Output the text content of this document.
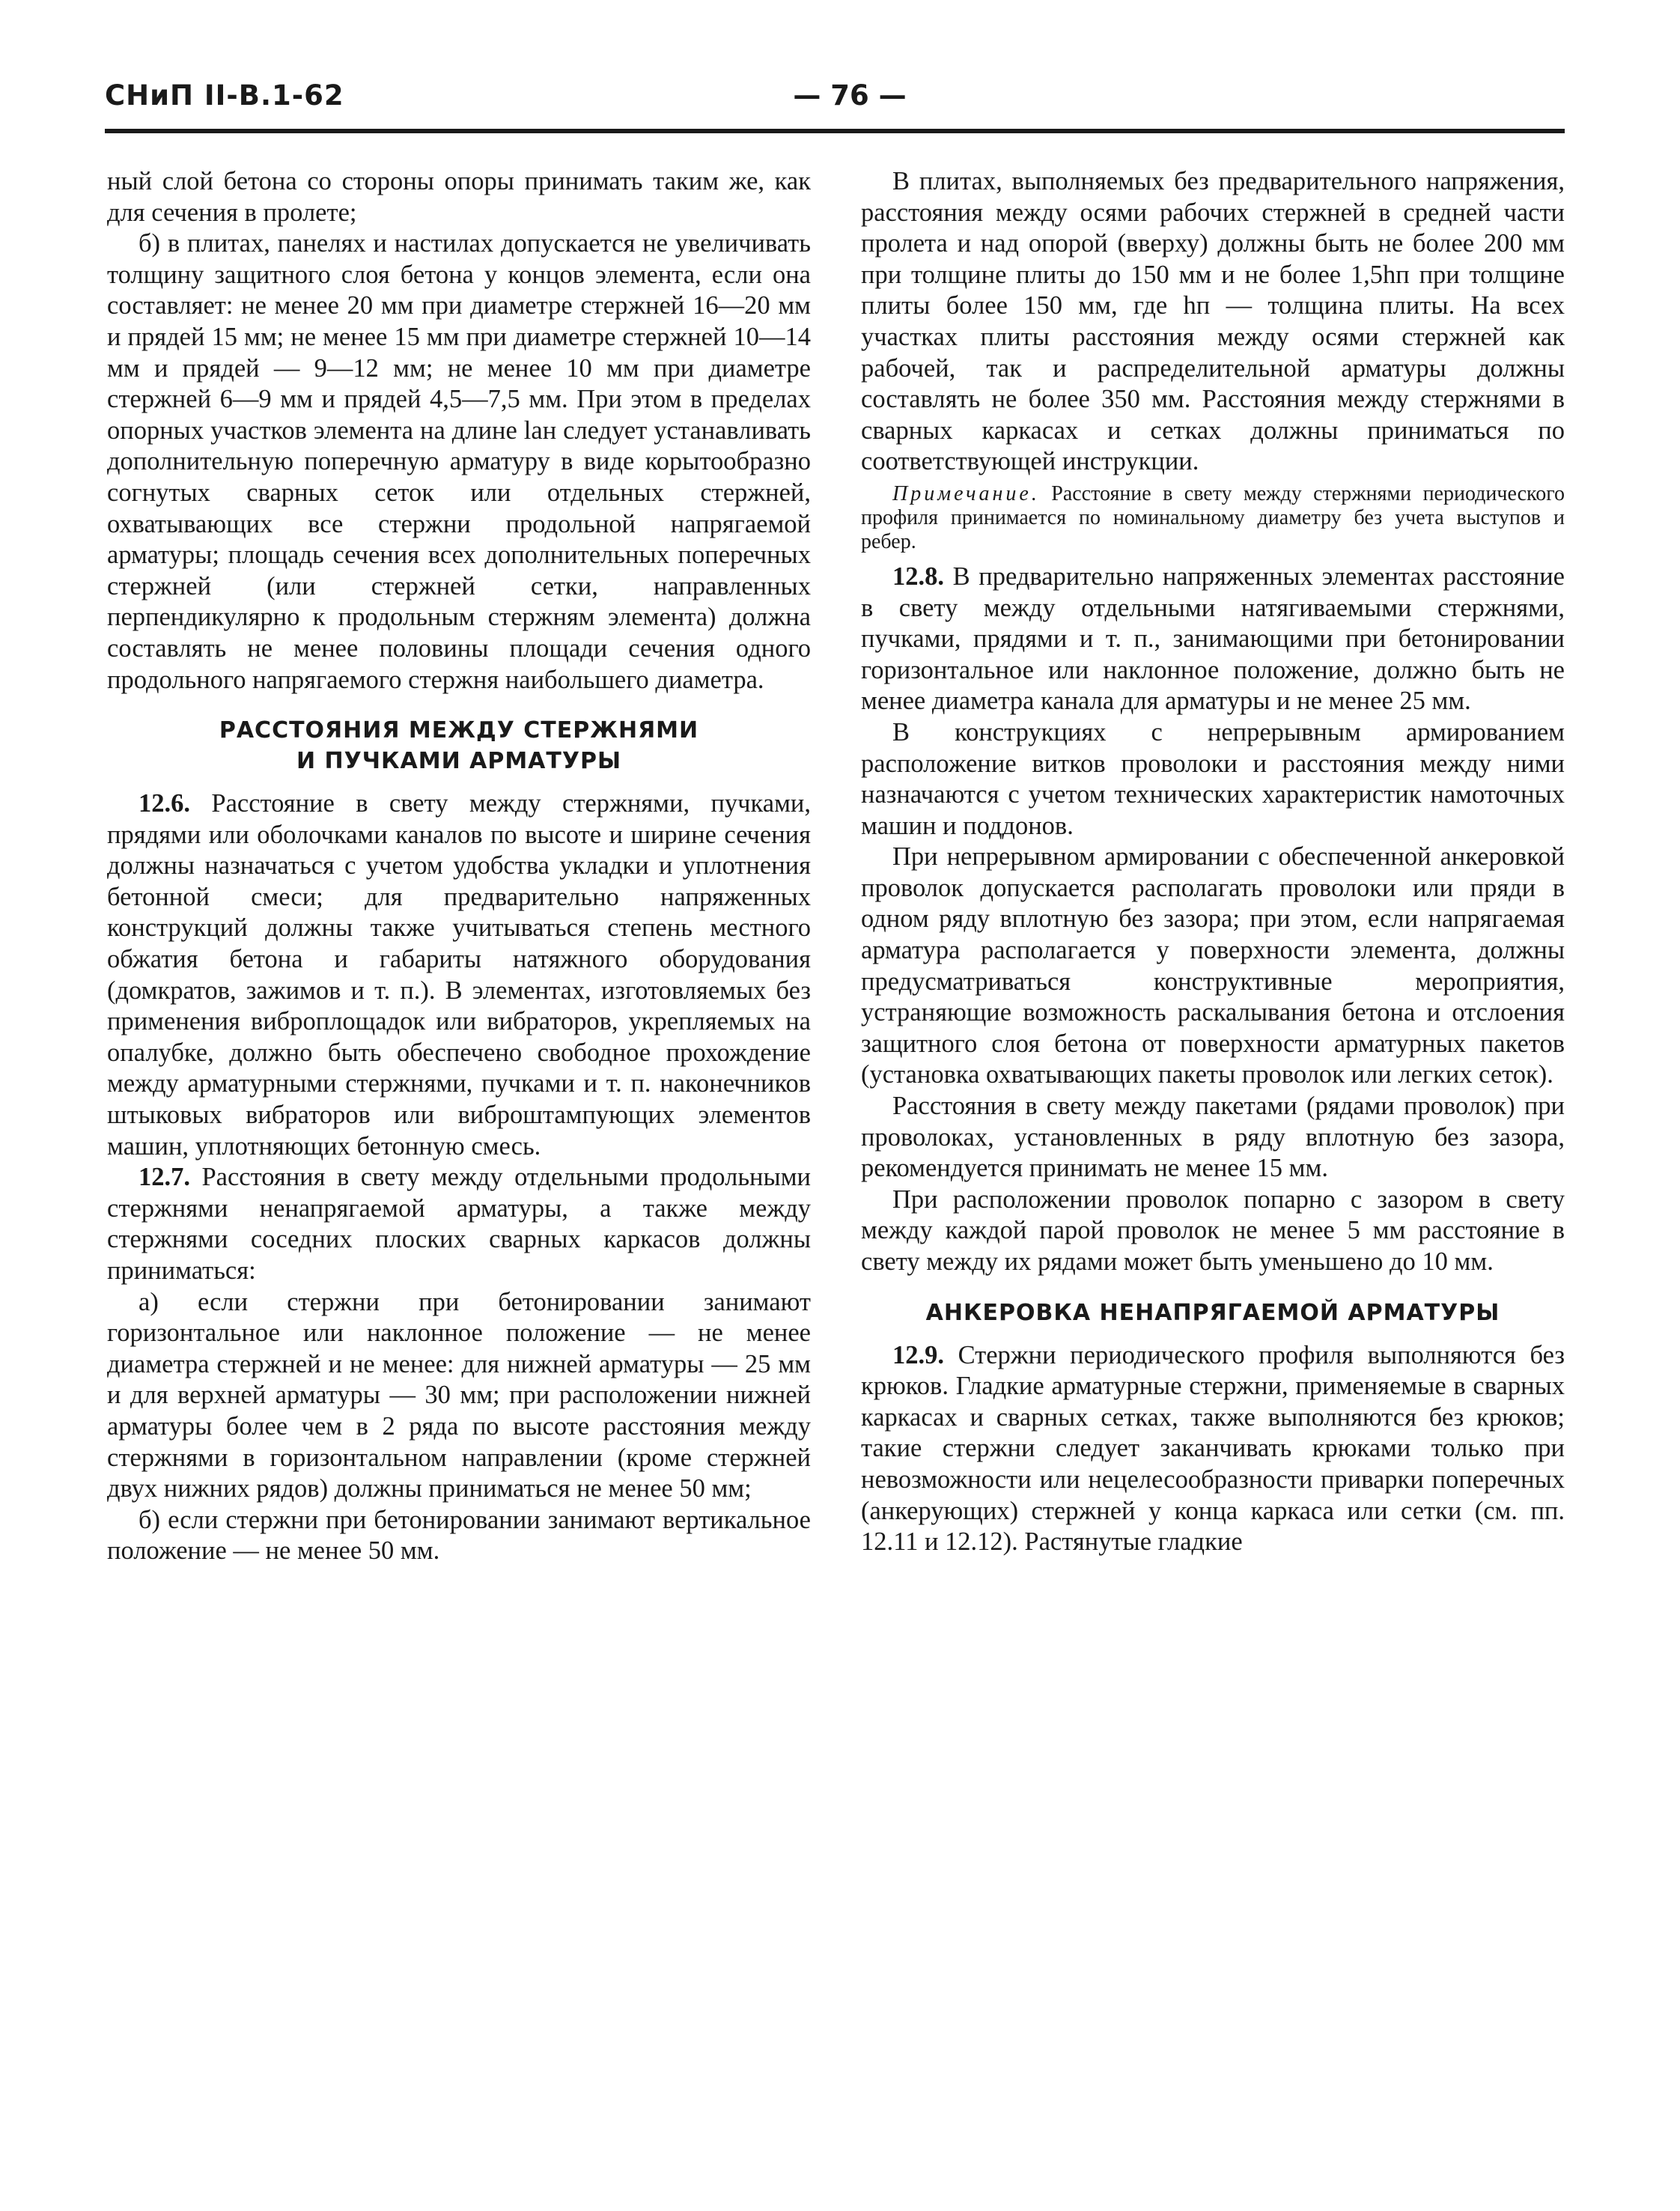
СНиП II-В.1-62	— 76 —

ный слой бетона со стороны опоры принимать таким же, как для сечения в пролете;

б) в плитах, панелях и настилах допускается не увеличивать толщину защитного слоя бетона у концов элемента, если она составляет: не менее 20 мм при диаметре стержней 16—20 мм и прядей 15 мм; не менее 15 мм при диаметре стержней 10—14 мм и прядей — 9—12 мм; не менее 10 мм при диаметре стержней 6—9 мм и прядей 4,5—7,5 мм. При этом в пределах опорных участков элемента на длине lан следует устанавливать дополнительную поперечную арматуру в виде корытообразно согнутых сварных сеток или отдельных стержней, охватывающих все стержни продольной напрягаемой арматуры; площадь сечения всех дополнительных поперечных стержней (или стержней сетки, направленных перпендикулярно к продольным стержням элемента) должна составлять не менее половины площади сечения одного продольного напрягаемого стержня наибольшего диаметра.

РАССТОЯНИЯ МЕЖДУ СТЕРЖНЯМИ
И ПУЧКАМИ АРМАТУРЫ

12.6. Расстояние в свету между стержнями, пучками, прядями или оболочками каналов по высоте и ширине сечения должны назначаться с учетом удобства укладки и уплотнения бетонной смеси; для предварительно напряженных конструкций должны также учитываться степень местного обжатия бетона и габариты натяжного оборудования (домкратов, зажимов и т. п.). В элементах, изготовляемых без применения виброплощадок или вибраторов, укрепляемых на опалубке, должно быть обеспечено свободное прохождение между арматурными стержнями, пучками и т. п. наконечников штыковых вибраторов или виброштампующих элементов машин, уплотняющих бетонную смесь.

12.7. Расстояния в свету между отдельными продольными стержнями ненапрягаемой арматуры, а также между стержнями соседних плоских сварных каркасов должны приниматься:

а) если стержни при бетонировании занимают горизонтальное или наклонное положение — не менее диаметра стержней и не менее: для нижней арматуры — 25 мм и для верхней арматуры — 30 мм; при расположении нижней арматуры более чем в 2 ряда по высоте расстояния между стержнями в горизонтальном направлении (кроме стержней двух нижних рядов) должны приниматься не менее 50 мм;

б) если стержни при бетонировании занимают вертикальное положение — не менее 50 мм.

В плитах, выполняемых без предварительного напряжения, расстояния между осями рабочих стержней в средней части пролета и над опорой (вверху) должны быть не более 200 мм при толщине плиты до 150 мм и не более 1,5hп при толщине плиты более 150 мм, где hп — толщина плиты. На всех участках плиты расстояния между осями стержней как рабочей, так и распределительной арматуры должны составлять не более 350 мм. Расстояния между стержнями в сварных каркасах и сетках должны приниматься по соответствующей инструкции.

Примечание. Расстояние в свету между стержнями периодического профиля принимается по номинальному диаметру без учета выступов и ребер.

12.8. В предварительно напряженных элементах расстояние в свету между отдельными натягиваемыми стержнями, пучками, прядями и т. п., занимающими при бетонировании горизонтальное или наклонное положение, должно быть не менее диаметра канала для арматуры и не менее 25 мм.

В конструкциях с непрерывным армированием расположение витков проволоки и расстояния между ними назначаются с учетом технических характеристик намоточных машин и поддонов.

При непрерывном армировании с обеспеченной анкеровкой проволок допускается располагать проволоки или пряди в одном ряду вплотную без зазора; при этом, если напрягаемая арматура располагается у поверхности элемента, должны предусматриваться конструктивные мероприятия, устраняющие возможность раскалывания бетона и отслоения защитного слоя бетона от поверхности арматурных пакетов (установка охватывающих пакеты проволок или легких сеток).

Расстояния в свету между пакетами (рядами проволок) при проволоках, установленных в ряду вплотную без зазора, рекомендуется принимать не менее 15 мм.

При расположении проволок попарно с зазором в свету между каждой парой проволок не менее 5 мм расстояние в свету между их рядами может быть уменьшено до 10 мм.

АНКЕРОВКА НЕНАПРЯГАЕМОЙ АРМАТУРЫ

12.9. Стержни периодического профиля выполняются без крюков. Гладкие арматурные стержни, применяемые в сварных каркасах и сварных сетках, также выполняются без крюков; такие стержни следует заканчивать крюками только при невозможности или нецелесообразности приварки поперечных (анкерующих) стержней у конца каркаса или сетки (см. пп. 12.11 и 12.12). Растянутые гладкие
